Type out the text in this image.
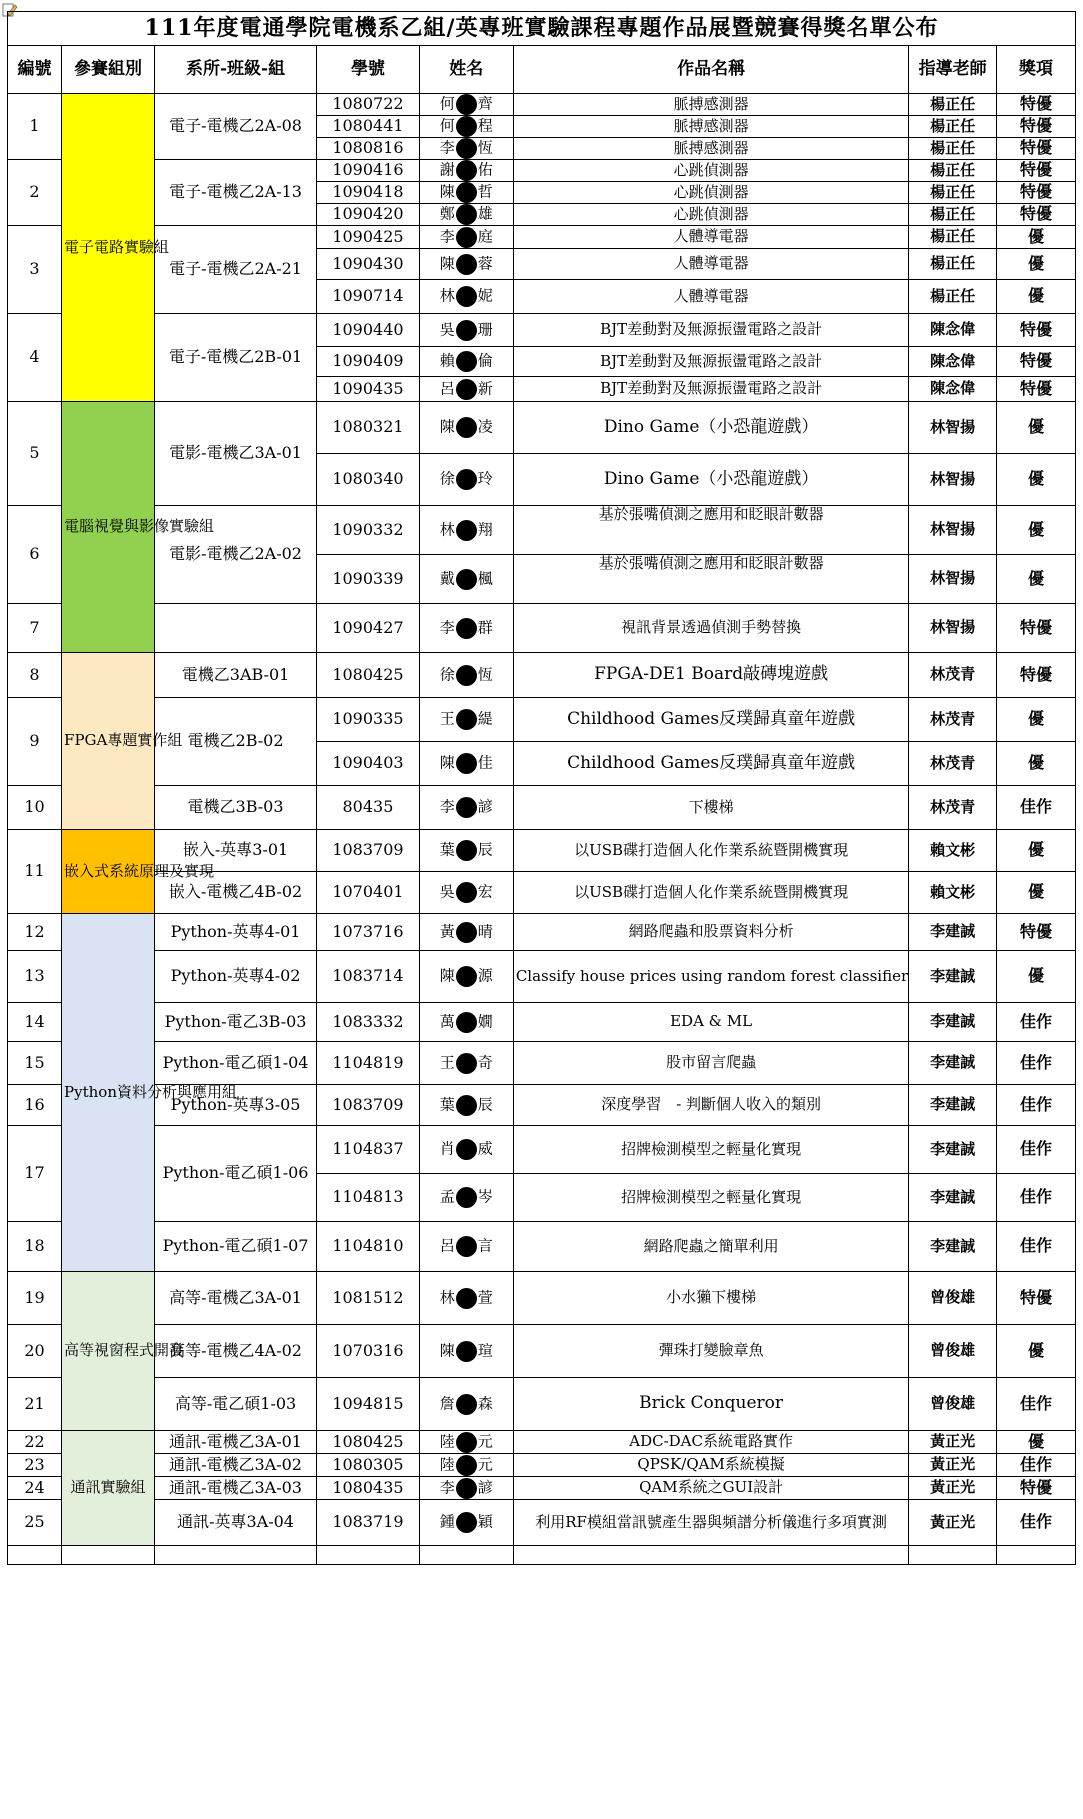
111年度電通學院電機系乙組/英專班實驗課程專題作品展暨競賽得獎名單公布							
編號	參賽組別	系所-班級-組	學號	姓名	作品名稱	指導老師	獎項
1	電子電路實驗組	電子-電機乙2A-08	1080722	何 齊	脈搏感測器	楊正任	特優
			1080441	何 程	脈搏感測器	楊正任	特優
			1080816	李 恆	脈搏感測器	楊正任	特優
2		電子-電機乙2A-13	1090416	謝 佑	心跳偵測器	楊正任	特優
			1090418	陳 哲	心跳偵測器	楊正任	特優
			1090420	鄭 雄	心跳偵測器	楊正任	特優
3		電子-電機乙2A-21	1090425	李 庭	人體導電器	楊正任	優
			1090430	陳 蓉	人體導電器	楊正任	優
			1090714	林 妮	人體導電器	楊正任	優
4		電子-電機乙2B-01	1090440	吳 珊	BJT差動對及無源振盪電路之設計	陳念偉	特優
			1090409	賴 倫	BJT差動對及無源振盪電路之設計	陳念偉	特優
			1090435	呂 新	BJT差動對及無源振盪電路之設計	陳念偉	特優
5	電腦視覺與影像實驗組	電影-電機乙3A-01	1080321	陳 凌	Dino Game（小恐龍遊戲）	林智揚	優
			1080340	徐 玲	Dino Game（小恐龍遊戲）	林智揚	優
6		電影-電機乙2A-02	1090332	林 翔	基於張嘴偵測之應用和眨眼計數器	林智揚	優
			1090339	戴 楓	基於張嘴偵測之應用和眨眼計數器	林智揚	優
7			1090427	李 群	視訊背景透過偵測手勢替換	林智揚	特優
8	FPGA專題實作組	電機乙3AB-01	1080425	徐 恆	FPGA-DE1 Board敲磚塊遊戲	林茂青	特優
9		電機乙2B-02	1090335	王 緹	Childhood Games反璞歸真童年遊戲	林茂青	優
			1090403	陳 佳	Childhood Games反璞歸真童年遊戲	林茂青	優
10		電機乙3B-03	80435	李 諺	下樓梯	林茂青	佳作
11	嵌入式系統原理及實現	嵌入-英專3-01	1083709	葉 辰	以USB碟打造個人化作業系統暨開機實現	賴文彬	優
		嵌入-電機乙4B-02	1070401	吳 宏	以USB碟打造個人化作業系統暨開機實現	賴文彬	優
12	Python資料分析與應用組	Python-英專4-01	1073716	黃 晴	網路爬蟲和股票資料分析	李建誠	特優
13		Python-英專4-02	1083714	陳 源	Classify house prices using random forest classifier	李建誠	優
14		Python-電乙3B-03	1083332	萬 嫺	EDA & ML	李建誠	佳作
15		Python-電乙碩1-04	1104819	王 奇	股市留言爬蟲	李建誠	佳作
16		Python-英專3-05	1083709	葉 辰	深度學習　- 判斷個人收入的類別	李建誠	佳作
17		Python-電乙碩1-06	1104837	肖 威	招牌檢測模型之輕量化實現	李建誠	佳作
			1104813	孟 岑	招牌檢測模型之輕量化實現	李建誠	佳作
18		Python-電乙碩1-07	1104810	呂 言	網路爬蟲之簡單利用	李建誠	佳作
19	高等視窗程式開發	高等-電機乙3A-01	1081512	林 萱	小水獺下樓梯	曾俊雄	特優
20		高等-電機乙4A-02	1070316	陳 瑄	彈珠打變臉章魚	曾俊雄	優
21		高等-電乙碩1-03	1094815	詹 森	Brick Conqueror	曾俊雄	佳作
22	通訊實驗組	通訊-電機乙3A-01	1080425	陸 元	ADC-DAC系統電路實作	黃正光	優
23		通訊-電機乙3A-02	1080305	陸 元	QPSK/QAM系統模擬	黃正光	佳作
24		通訊-電機乙3A-03	1080435	李 諺	QAM系統之GUI設計	黃正光	特優
25		通訊-英專3A-04	1083719	鍾 穎	利用RF模組當訊號產生器與頻譜分析儀進行多項實測	黃正光	佳作
